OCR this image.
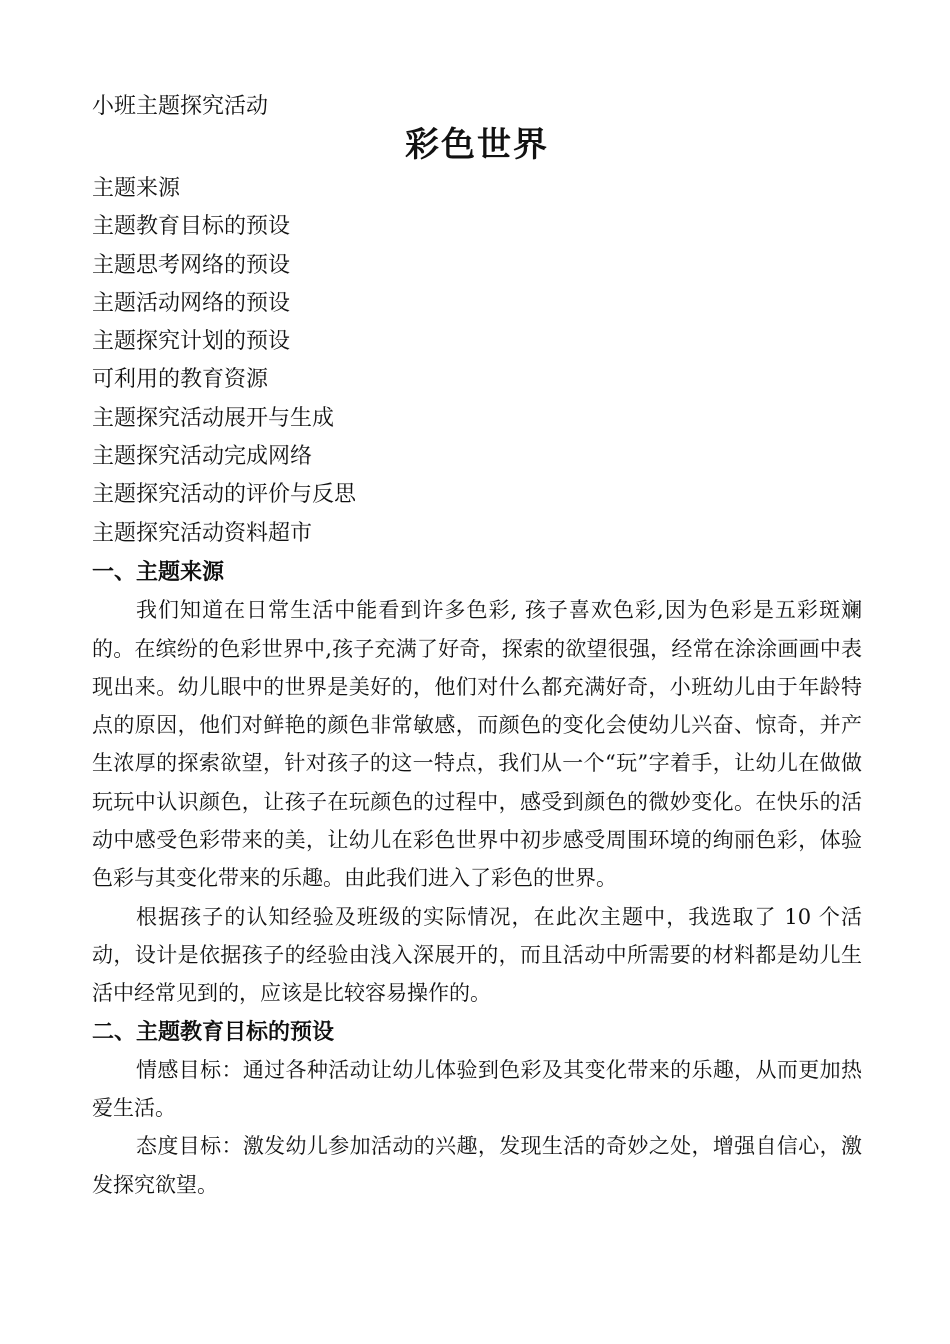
小班主题探究活动

彩色世界
主题来源
主题教育目标的预设
主题思考网络的预设
主题活动网络的预设
主题探究计划的预设
可利用的教育资源
主题探究活动展开与生成
主题探究活动完成网络
主题探究活动的评价与反思
主题探究活动资料超市
一、主题来源

我们知道在日常生活中能看到许多色彩, 孩子喜欢色彩,因为色彩是五彩斑斓的。在缤纷的色彩世界中,孩子充满了好奇，探索的欲望很强，经常在涂涂画画中表现出来。幼儿眼中的世界是美好的，他们对什么都充满好奇，小班幼儿由于年龄特点的原因，他们对鲜艳的颜色非常敏感，而颜色的变化会使幼儿兴奋、惊奇，并产生浓厚的探索欲望，针对孩子的这一特点，我们从一个“玩”字着手，让幼儿在做做玩玩中认识颜色，让孩子在玩颜色的过程中，感受到颜色的微妙变化。在快乐的活动中感受色彩带来的美，让幼儿在彩色世界中初步感受周围环境的绚丽色彩，体验色彩与其变化带来的乐趣。由此我们进入了彩色的世界。

根据孩子的认知经验及班级的实际情况，在此次主题中，我选取了 10 个活动，设计是依据孩子的经验由浅入深展开的，而且活动中所需要的材料都是幼儿生活中经常见到的，应该是比较容易操作的。

二、主题教育目标的预设

情感目标：通过各种活动让幼儿体验到色彩及其变化带来的乐趣，从而更加热爱生活。

态度目标：激发幼儿参加活动的兴趣，发现生活的奇妙之处，增强自信心，激发探究欲望。
